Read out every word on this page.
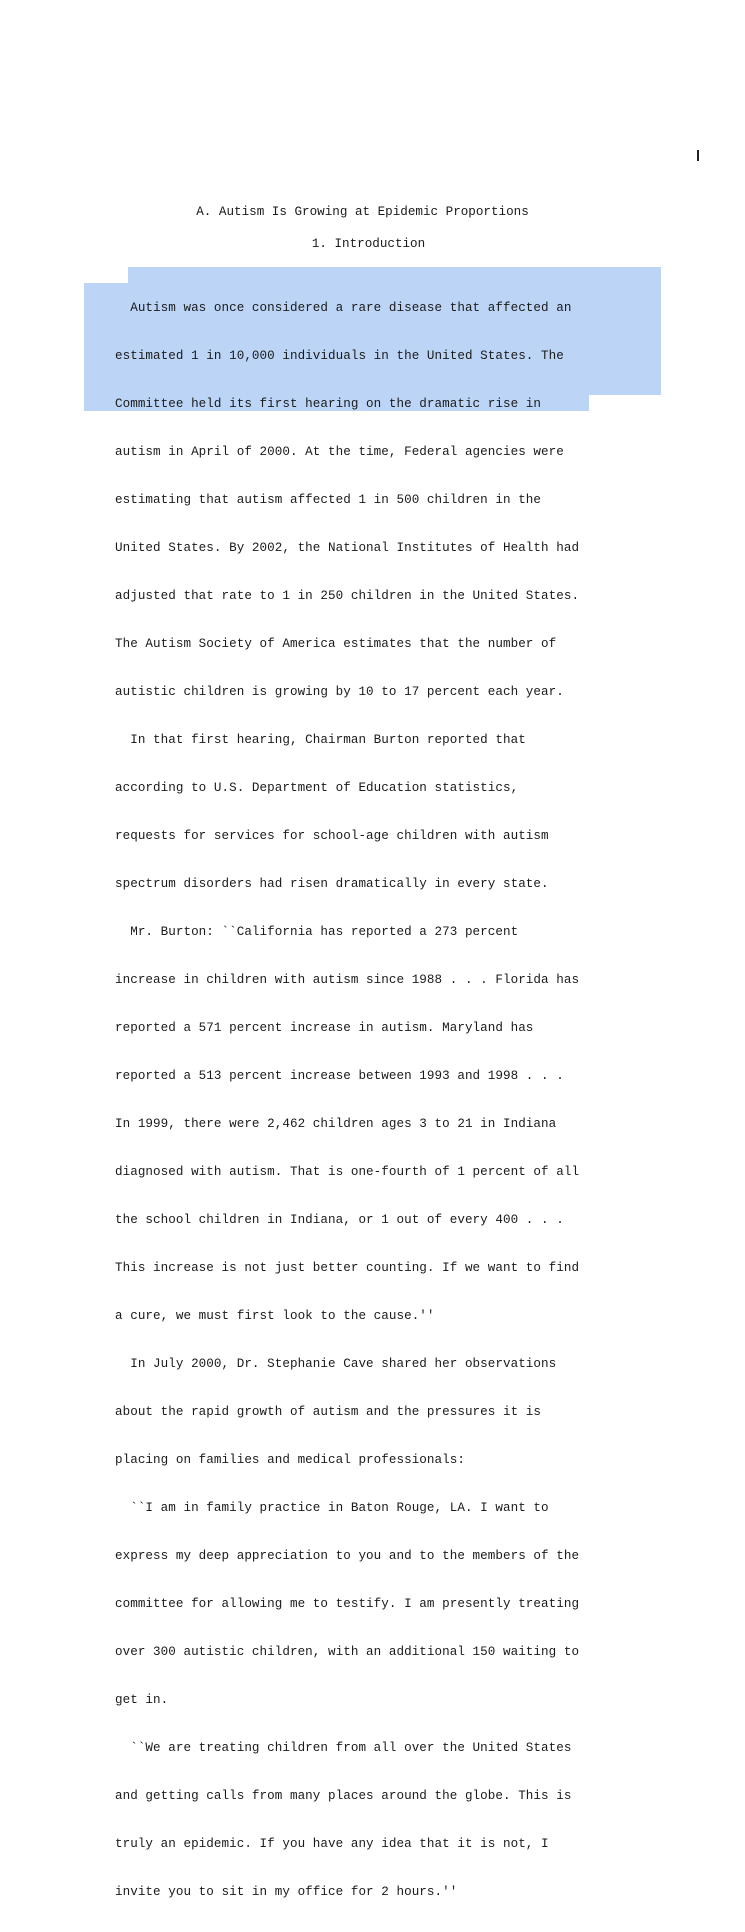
A. Autism Is Growing at Epidemic Proportions
1. Introduction

Autism was once considered a rare disease that affected an

estimated 1 in 10,000 individuals in the United States. The

Committee held its first hearing on the dramatic rise in

autism in April of 2000. At the time, Federal agencies were

estimating that autism affected 1 in 500 children in the

United States. By 2002, the National Institutes of Health had

adjusted that rate to 1 in 250 children in the United States.

The Autism Society of America estimates that the number of

autistic children is growing by 10 to 17 percent each year.

In that first hearing, Chairman Burton reported that

according to U.S. Department of Education statistics,

requests for services for school-age children with autism

spectrum disorders had risen dramatically in every state.

Mr. Burton: ``California has reported a 273 percent

increase in children with autism since 1988 . . . Florida has

reported a 571 percent increase in autism. Maryland has

reported a 513 percent increase between 1993 and 1998 . . .

In 1999, there were 2,462 children ages 3 to 21 in Indiana

diagnosed with autism. That is one-fourth of 1 percent of all

the school children in Indiana, or 1 out of every 400 . . .

This increase is not just better counting. If we want to find

a cure, we must first look to the cause.''

In July 2000, Dr. Stephanie Cave shared her observations

about the rapid growth of autism and the pressures it is

placing on families and medical professionals:

``I am in family practice in Baton Rouge, LA. I want to

express my deep appreciation to you and to the members of the

committee for allowing me to testify. I am presently treating

over 300 autistic children, with an additional 150 waiting to

get in.

``We are treating children from all over the United States

and getting calls from many places around the globe. This is

truly an epidemic. If you have any idea that it is not, I

invite you to sit in my office for 2 hours.''
